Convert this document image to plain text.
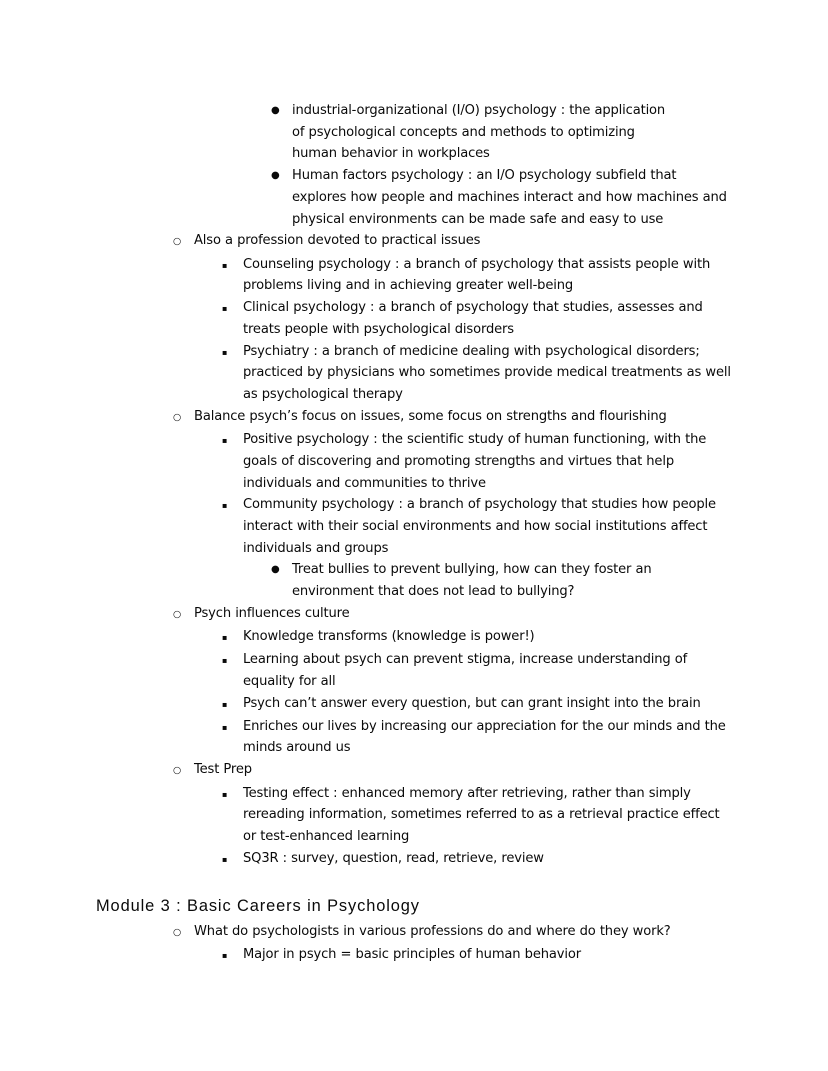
● industrial-organizational (I/O) psychology : the application of psychological concepts and methods to optimizing human behavior in workplaces
● Human factors psychology : an I/O psychology subfield that explores how people and machines interact and how machines and physical environments can be made safe and easy to use
○ Also a profession devoted to practical issues
▪	Counseling psychology : a branch of psychology that assists people with problems living and in achieving greater well-being
▪	Clinical psychology : a branch of psychology that studies, assesses and treats people with psychological disorders
▪	Psychiatry : a branch of medicine dealing with psychological disorders; practiced by physicians who sometimes provide medical treatments as well as psychological therapy
○ Balance psych’s focus on issues, some focus on strengths and flourishing
▪	Positive psychology : the scientific study of human functioning, with the goals of discovering and promoting strengths and virtues that help individuals and communities to thrive
▪	Community psychology : a branch of psychology that studies how people interact with their social environments and how social institutions affect individuals and groups
● Treat bullies to prevent bullying, how can they foster an environment that does not lead to bullying?
○ Psych influences culture
▪	Knowledge transforms (knowledge is power!)
▪	Learning about psych can prevent stigma, increase understanding of equality for all
▪	Psych can’t answer every question, but can grant insight into the brain
▪	Enriches our lives by increasing our appreciation for the our minds and the minds around us
○ Test Prep
▪	Testing effect : enhanced memory after retrieving, rather than simply rereading information, sometimes referred to as a retrieval practice effect or test-enhanced learning
▪	SQ3R : survey, question, read, retrieve, review
Module 3 : Basic Careers in Psychology
○ What do psychologists in various professions do and where do they work?
▪	Major in psych = basic principles of human behavior
